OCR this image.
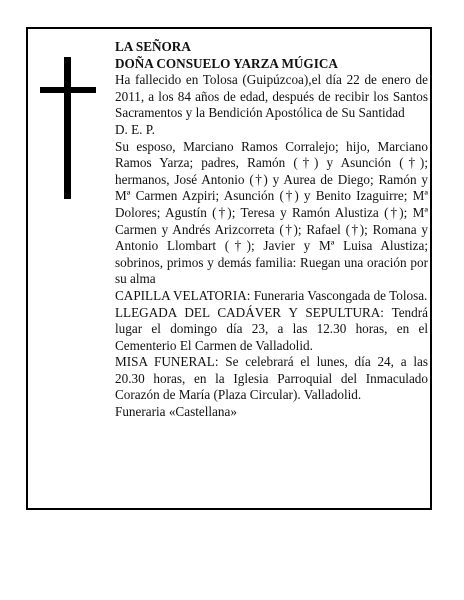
LA SEÑORA

DOÑA CONSUELO YARZA MÚGICA

Ha fallecido en Tolosa (Guipúzcoa),el día 22 de enero de 2011, a los 84 años de edad, después de recibir los Santos Sacramentos y la Bendición Apostólica de Su Santidad

D. E. P.

Su esposo, Marciano Ramos Corralejo; hijo, Marciano Ramos Yarza; padres, Ramón (†) y Asunción (†); hermanos, José Antonio (†) y Aurea de Diego; Ramón y Mª Carmen Azpiri; Asunción (†) y Benito Izaguirre; Mª Dolores; Agustín (†); Teresa y Ramón Alustiza (†); Mª Carmen y Andrés Arizcorreta (†); Rafael (†); Romana y Antonio Llombart (†); Javier y Mª Luisa Alustiza; sobrinos, primos y demás familia: Ruegan una oración por su alma

CAPILLA VELATORIA: Funeraria Vascongada de Tolosa.

LLEGADA DEL CADÁVER Y SEPULTURA: Tendrá lugar el domingo día 23, a las 12.30 horas, en el Cementerio El Carmen de Valladolid.

MISA FUNERAL: Se celebrará el lunes, día 24, a las 20.30 horas, en la Iglesia Parroquial del Inmaculado Corazón de María (Plaza Circular). Valladolid.

Funeraria «Castellana»
